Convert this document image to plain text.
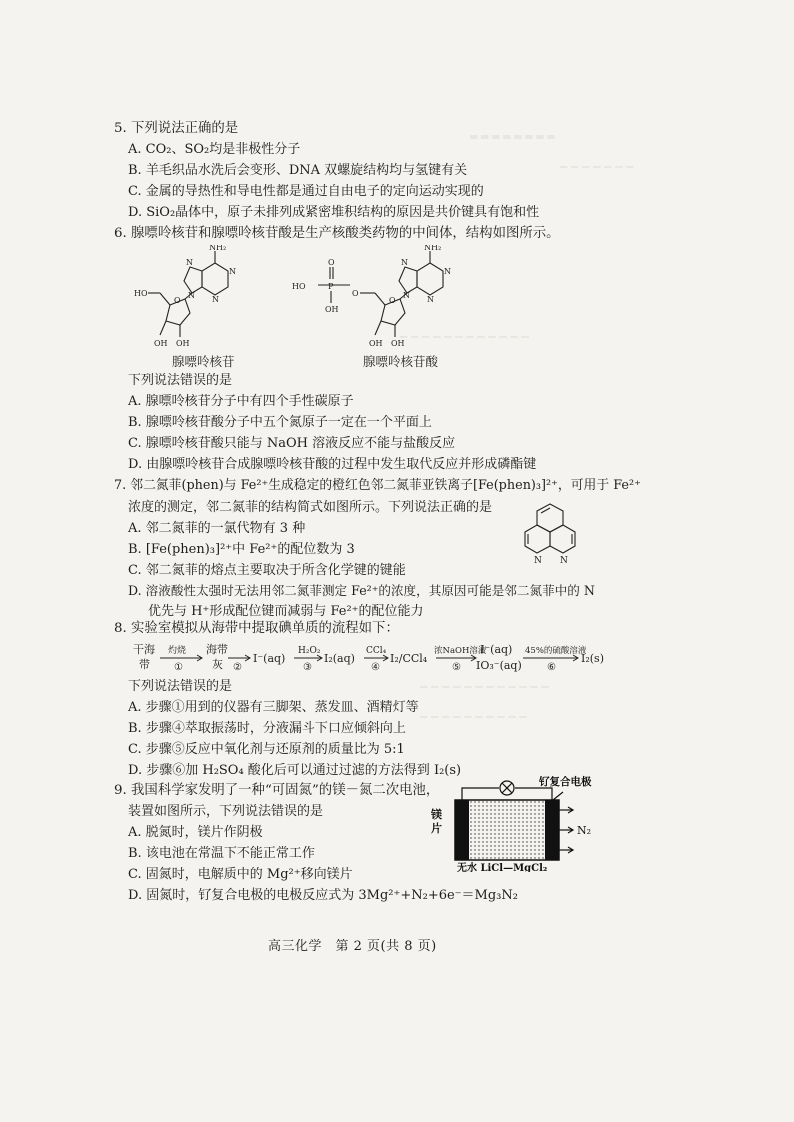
═ ═ ═ ═ ═ ═ ═ ═
─ ─ ─ ─ ─ ─ ─
─ ─ ─ ─ ─ ─ ─ ─ ─ ─ ─ ─
─ ─ ─ ─ ─ ─ ─ ─ ─ ─ ─ ─
─ ─ ─ ─ ─ ─ ─ ─ ─ ─
5. 下列说法正确的是
A. CO₂、SO₂均是非极性分子
B. 羊毛织品水洗后会变形、DNA 双螺旋结构均与氢键有关
C. 金属的导热性和导电性都是通过自由电子的定向运动实现的
D. SiO₂晶体中，原子未排列成紧密堆积结构的原因是共价键具有饱和性
6. 腺嘌呤核苷和腺嘌呤核苷酸是生产核酸类药物的中间体，结构如图所示。
NH₂
N
N
N
N
O
HO
OH OH
NH₂
N
N
N
N
O
O
P
O
HO
OH
OH OH
腺嘌呤核苷	腺嘌呤核苷酸
下列说法错误的是
A. 腺嘌呤核苷分子中有四个手性碳原子
B. 腺嘌呤核苷酸分子中五个氮原子一定在一个平面上
C. 腺嘌呤核苷酸只能与 NaOH 溶液反应不能与盐酸反应
D. 由腺嘌呤核苷合成腺嘌呤核苷酸的过程中发生取代反应并形成磷酯键
7. 邻二氮菲(phen)与 Fe²⁺生成稳定的橙红色邻二氮菲亚铁离子[Fe(phen)₃]²⁺，可用于 Fe²⁺
浓度的测定，邻二氮菲的结构简式如图所示。下列说法正确的是
N N
A. 邻二氮菲的一氯代物有 3 种
B. [Fe(phen)₃]²⁺中 Fe²⁺的配位数为 3
C. 邻二氮菲的熔点主要取决于所含化学键的键能
D. 溶液酸性太强时无法用邻二氮菲测定 Fe²⁺的浓度，其原因可能是邻二氮菲中的 N
优先与 H⁺形成配位键而减弱与 Fe²⁺的配位能力
8. 实验室模拟从海带中提取碘单质的流程如下：
干海
带
灼烧
①
海带
灰 ②
I⁻(aq)
H₂O₂
③
I₂(aq)
CCl₄
④
I₂/CCl₄
浓NaOH溶液
⑤
I⁻(aq)
IO₃⁻(aq)
45%的硫酸溶液
⑥
I₂(s)
下列说法错误的是
A. 步骤①用到的仪器有三脚架、蒸发皿、酒精灯等
B. 步骤④萃取振荡时，分液漏斗下口应倾斜向上
C. 步骤⑤反应中氧化剂与还原剂的质量比为 5:1
D. 步骤⑥加 H₂SO₄ 酸化后可以通过过滤的方法得到 I₂(s)
9. 我国科学家发明了一种“可固氮”的镁－氮二次电池，
装置如图所示，下列说法错误的是
A. 脱氮时，镁片作阴极
B. 该电池在常温下不能正常工作
C. 固氮时，电解质中的 Mg²⁺移向镁片
D. 固氮时，钌复合电极的电极反应式为 3Mg²⁺+N₂+6e⁻＝Mg₃N₂
钌复合电极
镁
片	N₂
无水 LiCl—MgCl₂
高三化学　第 2 页(共 8 页)
